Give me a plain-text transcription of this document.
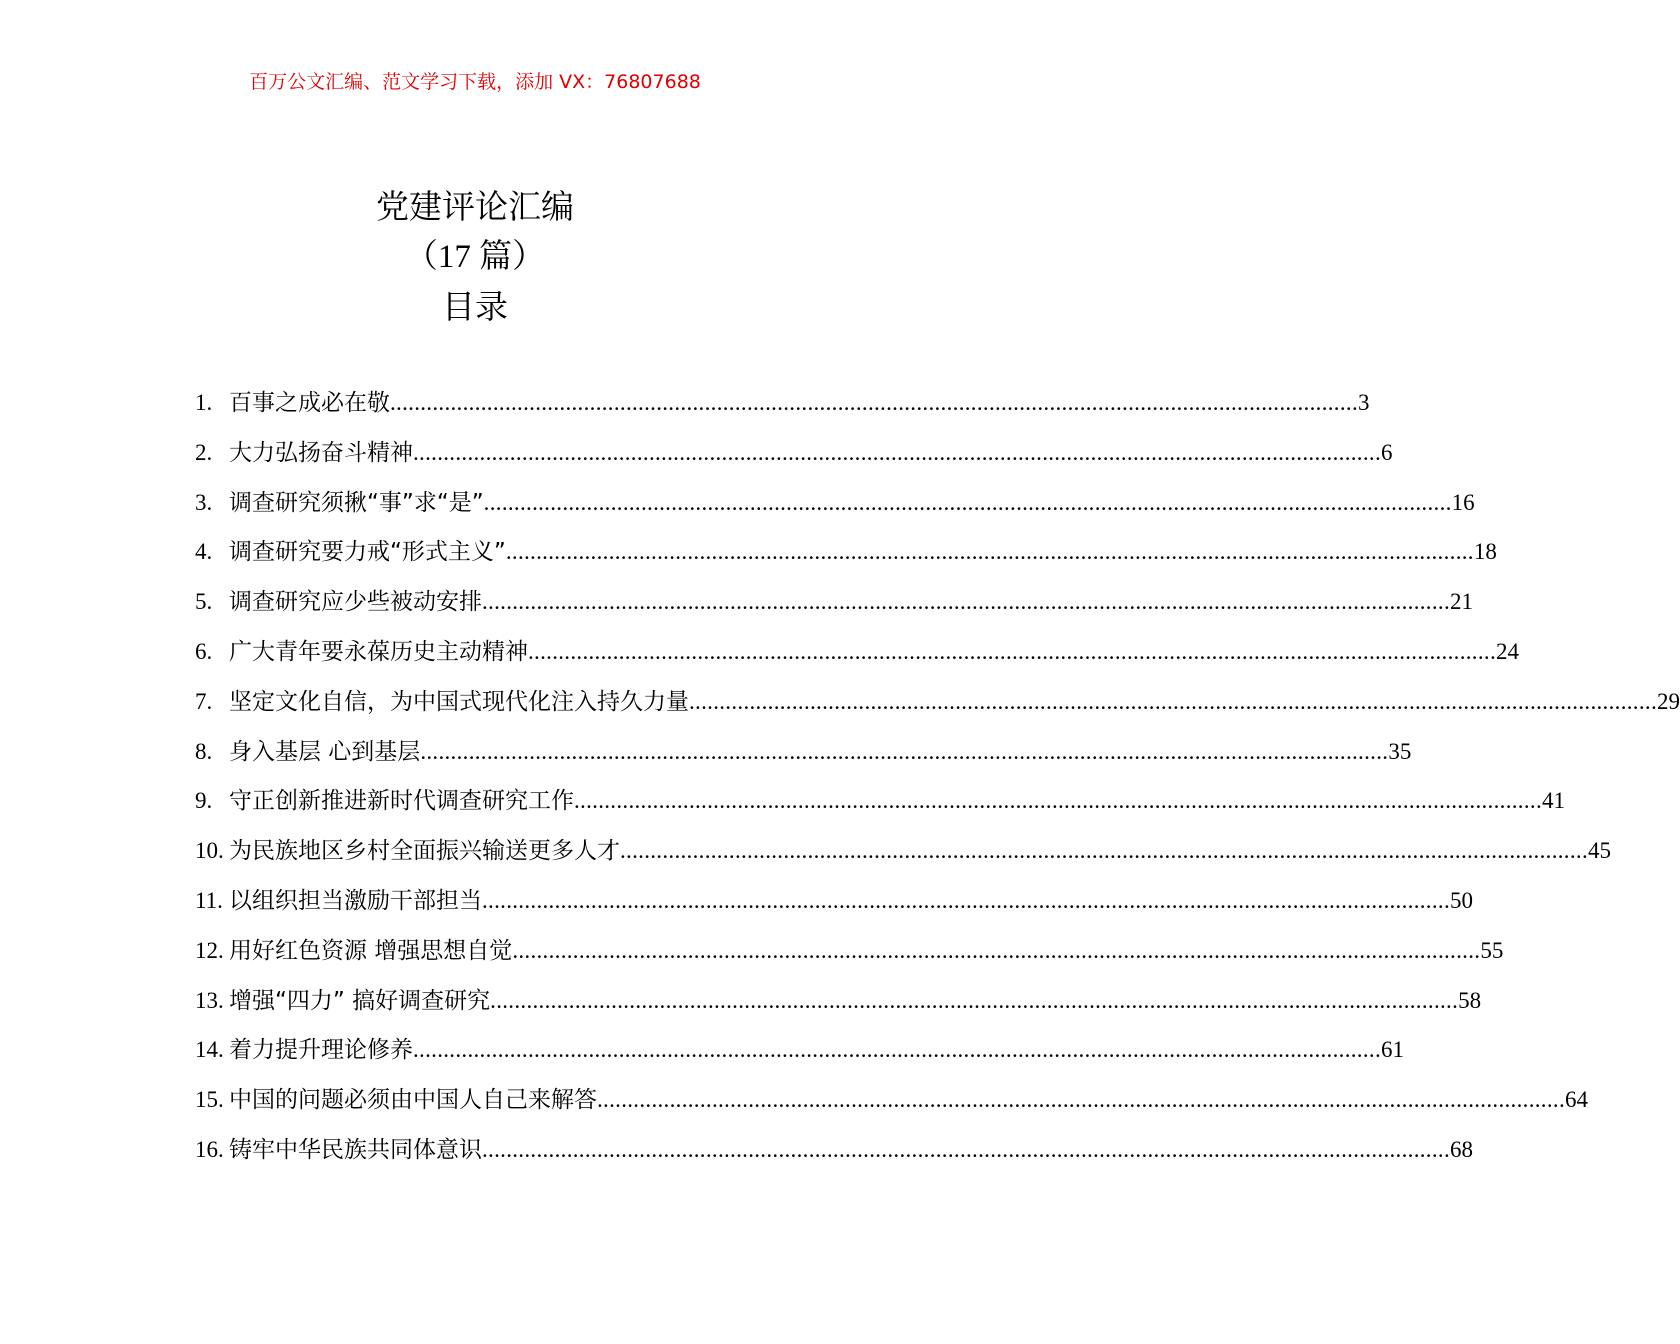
百万公文汇编、范文学习下载，添加 VX：76807688
党建评论汇编
（17 篇）
目录
1. 百事之成必在敬 ................................................................................................................................................................ 3
2. 大力弘扬奋斗精神 ................................................................................................................................................................ 6
3. 调查研究须揪“事”求“是” ................................................................................................................................................................ 16
4. 调查研究要力戒“形式主义” ................................................................................................................................................................ 18
5. 调查研究应少些被动安排 ................................................................................................................................................................ 21
6. 广大青年要永葆历史主动精神 ................................................................................................................................................................ 24
7. 坚定文化自信，为中国式现代化注入持久力量 ................................................................................................................................................................ 29
8. 身入基层 心到基层 ................................................................................................................................................................ 35
9. 守正创新推进新时代调查研究工作 ................................................................................................................................................................ 41
10. 为民族地区乡村全面振兴输送更多人才 ................................................................................................................................................................ 45
11. 以组织担当激励干部担当 ................................................................................................................................................................ 50
12. 用好红色资源 增强思想自觉 ................................................................................................................................................................ 55
13. 增强“四力” 搞好调查研究 ................................................................................................................................................................ 58
14. 着力提升理论修养 ................................................................................................................................................................ 61
15. 中国的问题必须由中国人自己来解答 ................................................................................................................................................................ 64
16. 铸牢中华民族共同体意识 ................................................................................................................................................................ 68
